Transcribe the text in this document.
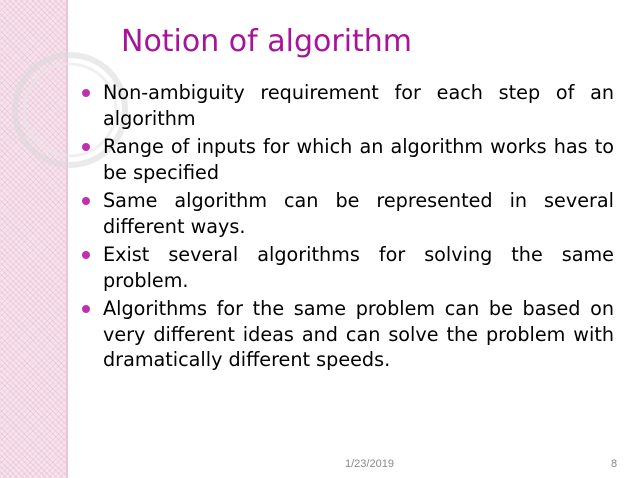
Notion of algorithm
Non-ambiguity requirement for each step of an algorithm
Range of inputs for which an algorithm works has to be specified
Same algorithm can be represented in several different ways.
Exist several algorithms for solving the same problem.
Algorithms for the same problem can be based on very different ideas and can solve the problem with dramatically different speeds.
1/23/2019	8
